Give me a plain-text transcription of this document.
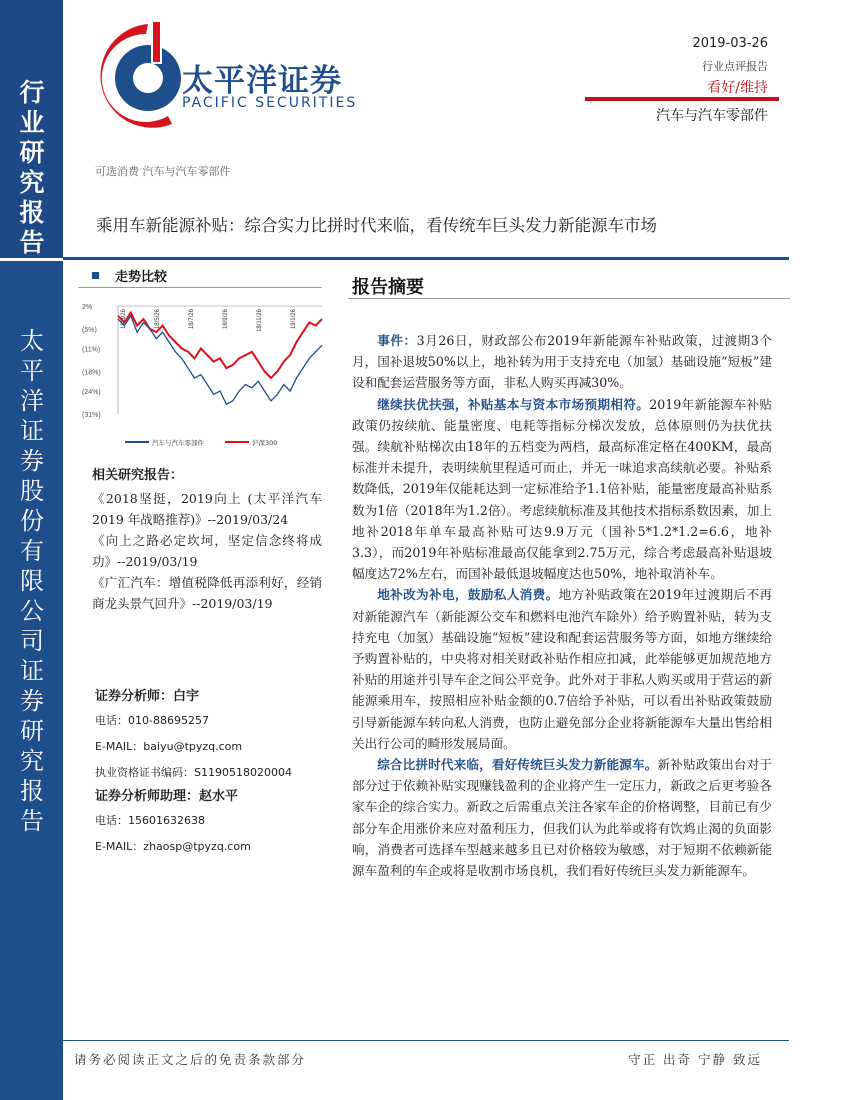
行业研究报告
太平洋证券股份有限公司证券研究报告
太平洋证券
PACIFIC SECURITIES
2019-03-26
行业点评报告
看好/维持
汽车与汽车零部件
可选消费 汽车与汽车零部件
乘用车新能源补贴：综合实力比拼时代来临，看传统车巨头发力新能源车市场
走势比较
2%
(5%)
(11%)
(18%)
(24%)
(31%)
18/3/26	18/5/26	18/7/26	18/9/26	18/11/26	19/1/26
汽车与汽车零部件	沪深300
相关研究报告：
《2018坚挺，2019向上 (太平洋汽车 2019 年战略推荐)》--2019/03/24
《向上之路必定坎坷，坚定信念终将成功》--2019/03/19
《广汇汽车：增值税降低再添利好，经销商龙头景气回升》--2019/03/19
证券分析师：白宇
电话：010-88695257
E-MAIL：baiyu@tpyzq.com
执业资格证书编码：S1190518020004
证券分析师助理：赵水平
电话：15601632638
E-MAIL：zhaosp@tpyzq.com
报告摘要

事件：3月26日，财政部公布2019年新能源车补贴政策，过渡期3个月，国补退坡50%以上，地补转为用于支持充电（加氢）基础设施“短板”建设和配套运营服务等方面，非私人购买再减30%。

继续扶优扶强，补贴基本与资本市场预期相符。2019年新能源车补贴政策仍按续航、能量密度、电耗等指标分梯次发放，总体原则仍为扶优扶强。续航补贴梯次由18年的五档变为两档，最高标准定格在400KM，最高标准并未提升，表明续航里程适可而止，并无一味追求高续航必要。补贴系数降低，2019年仅能耗达到一定标准给予1.1倍补贴，能量密度最高补贴系数为1倍（2018年为1.2倍）。考虑续航标准及其他技术指标系数因素，加上地补2018年单车最高补贴可达9.9万元（国补5*1.2*1.2=6.6，地补3.3），而2019年补贴标准最高仅能拿到2.75万元，综合考虑最高补贴退坡幅度达72%左右，而国补最低退坡幅度达也50%，地补取消补车。

地补改为补电，鼓励私人消费。地方补贴政策在2019年过渡期后不再对新能源汽车（新能源公交车和燃料电池汽车除外）给予购置补贴，转为支持充电（加氢）基础设施“短板”建设和配套运营服务等方面，如地方继续给予购置补贴的，中央将对相关财政补贴作相应扣减，此举能够更加规范地方补贴的用途并引导车企之间公平竞争。此外对于非私人购买或用于营运的新能源乘用车，按照相应补贴金额的0.7倍给予补贴，可以看出补贴政策鼓励引导新能源车转向私人消费，也防止避免部分企业将新能源车大量出售给相关出行公司的畸形发展局面。

综合比拼时代来临，看好传统巨头发力新能源车。新补贴政策出台对于部分过于依赖补贴实现赚钱盈利的企业将产生一定压力，新政之后更考验各家车企的综合实力。新政之后需重点关注各家车企的价格调整，目前已有少部分车企用涨价来应对盈利压力，但我们认为此举或将有饮鸩止渴的负面影响，消费者可选择车型越来越多且已对价格较为敏感，对于短期不依赖新能源车盈利的车企或将是收割市场良机，我们看好传统巨头发力新能源车。

请务必阅读正文之后的免责条款部分	守正 出奇 宁静 致远
